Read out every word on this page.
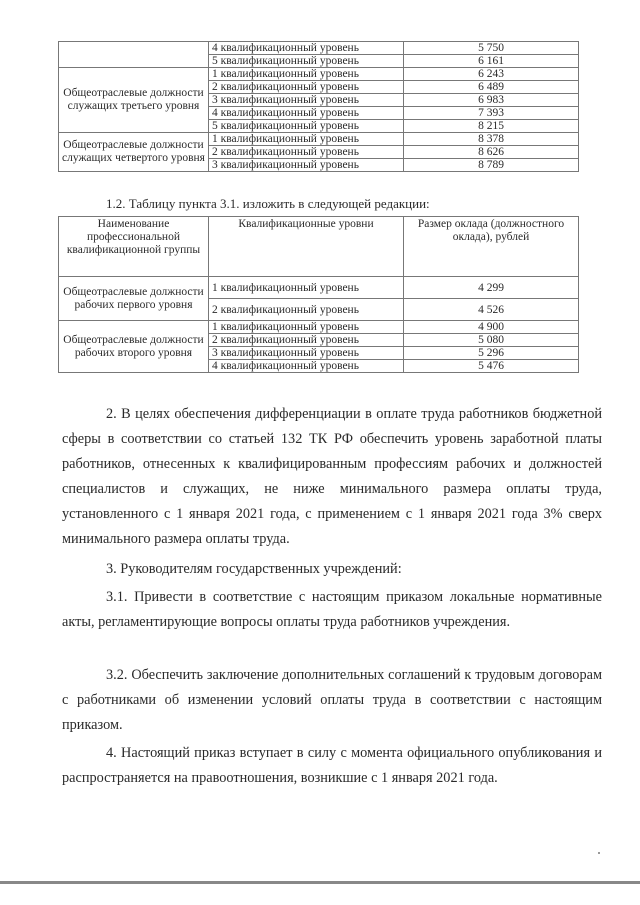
	4 квалификационный уровень	5 750
	5 квалификационный уровень	6 161
Общеотраслевые должности служащих третьего уровня	1 квалификационный уровень	6 243
	2 квалификационный уровень	6 489
	3 квалификационный уровень	6 983
	4 квалификационный уровень	7 393
	5 квалификационный уровень	8 215
Общеотраслевые должности служащих четвертого уровня	1 квалификационный уровень	8 378
	2 квалификационный уровень	8 626
	3 квалификационный уровень	8 789
1.2. Таблицу пункта 3.1. изложить в следующей редакции:
Наименование профессиональной квалификационной группы	Квалификационные уровни	Размер оклада (должностного оклада), рублей
Общеотраслевые должности рабочих первого уровня	1 квалификационный уровень	4 299
	2 квалификационный уровень	4 526
Общеотраслевые должности рабочих второго уровня	1 квалификационный уровень	4 900
	2 квалификационный уровень	5 080
	3 квалификационный уровень	5 296
	4 квалификационный уровень	5 476

2. В целях обеспечения дифференциации в оплате труда работников бюджетной сферы в соответствии со статьей 132 ТК РФ обеспечить уровень заработной платы работников, отнесенных к квалифицированным профессиям рабочих и должностей специалистов и служащих, не ниже минимального размера оплаты труда, установленного с 1 января 2021 года, с применением с 1 января 2021 года 3% сверх минимального размера оплаты труда.

3. Руководителям государственных учреждений:

3.1. Привести в соответствие с настоящим приказом локальные нормативные акты, регламентирующие вопросы оплаты труда работников учреждения.

3.2. Обеспечить заключение дополнительных соглашений к трудовым договорам с работниками об изменении условий оплаты труда в соответствии с настоящим приказом.

4. Настоящий приказ вступает в силу с момента официального опубликования и распространяется на правоотношения, возникшие с 1 января 2021 года.
